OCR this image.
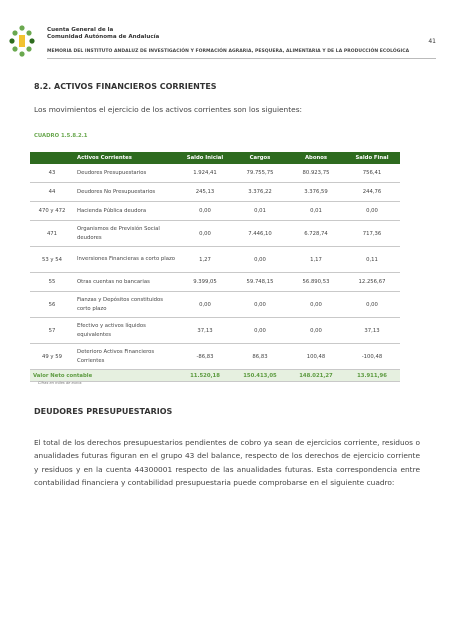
Cuenta General de la
Comunidad Autónoma de Andalucía
41
MEMORIA DEL INSTITUTO ANDALUZ DE INVESTIGACIÓN Y FORMACIÓN AGRARIA, PESQUERA, ALIMENTARIA Y DE LA PRODUCCIÓN ECOLÓGICA
8.2. ACTIVOS FINANCIEROS CORRIENTES
Los movimientos el ejercicio de los activos corrientes son los siguientes:
CUADRO 1.5.8.2.1
	Activos Corrientes	Saldo Inicial	Cargos	Abonos	Saldo Final
43	Deudores Presupuestarios	1.924,41	79.755,75	80.923,75	756,41
44	Deudores No Presupuestarios	245,13	3.376,22	3.376,59	244,76
470 y 472	Hacienda Pública deudora	0,00	0,01	0,01	0,00
471	Organismos de Previsión Social deudores	0,00	7.446,10	6.728,74	717,36
53 y 54	Inversiones Financieras a corto plazo	1,27	0,00	1,17	0,11
55	Otras cuentas no bancarias	9.399,05	59.748,15	56.890,53	12.256,67
56	Fianzas y Depósitos constituidos corto plazo	0,00	0,00	0,00	0,00
57	Efectivo y activos líquidos equivalentes	37,13	0,00	0,00	37,13
49 y 59	Deterioro Activos Financieros Corrientes	-86,83	86,83	100,48	-100,48
Valor Neto contable		11.520,18	150.413,05	148.021,27	13.911,96
Cifras en miles de euros
DEUDORES PRESUPUESTARIOS
El total de los derechos presupuestarios pendientes de cobro ya sean de ejercicios corriente, residuos o anualidades futuras figuran en el grupo 43 del balance, respecto de los derechos de ejercicio corriente y residuos y en la cuenta 44300001 respecto de las anualidades futuras. Esta correspondencia entre contabilidad financiera y contabilidad presupuestaria puede comprobarse en el siguiente cuadro:
